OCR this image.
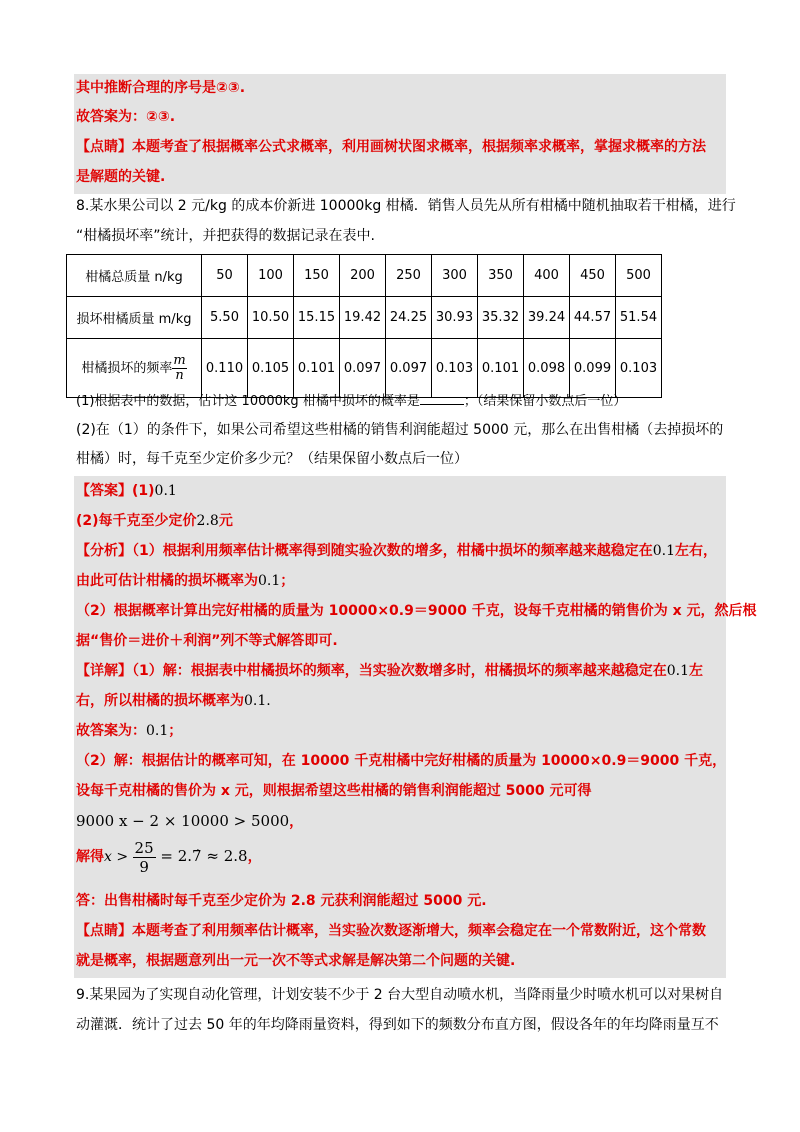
其中推断合理的序号是②③.
故答案为：②③.
【点睛】本题考查了根据概率公式求概率，利用画树状图求概率，根据频率求概率，掌握求概率的方法
是解题的关键.
8.某水果公司以 2 元/kg 的成本价新进 10000kg 柑橘．销售人员先从所有柑橘中随机抽取若干柑橘，进行
“柑橘损坏率”统计，并把获得的数据记录在表中.
柑橘总质量 n/kg	50	100	150	200	250	300	350	400	450	500
损坏柑橘质量 m/kg	5.50	10.50	15.15	19.42	24.25	30.93	35.32	39.24	44.57	51.54
柑橘损坏的频率 $\frac{m}{n}$	0.110	0.105	0.101	0.097	0.097	0.103	0.101	0.098	0.099	0.103
(1)根据表中的数据，估计这 10000kg 柑橘中损坏的概率是	；（结果保留小数点后一位）
(2)在（1）的条件下，如果公司希望这些柑橘的销售利润能超过 5000 元，那么在出售柑橘（去掉损坏的
柑橘）时，每千克至少定价多少元？（结果保留小数点后一位）
【答案】(1)0.1
(2)每千克至少定价2.8元
【分析】（1）根据利用频率估计概率得到随实验次数的增多，柑橘中损坏的频率越来越稳定在0.1左右，
由此可估计柑橘的损坏概率为0.1；
（2）根据概率计算出完好柑橘的质量为 10000×0.9＝9000 千克，设每千克柑橘的销售价为 x 元，然后根
据“售价＝进价＋利润”列不等式解答即可.
【详解】（1）解：根据表中柑橘损坏的频率，当实验次数增多时，柑橘损坏的频率越来越稳定在0.1左
右，所以柑橘的损坏概率为0.1.
故答案为：0.1；
（2）解：根据估计的概率可知，在 10000 千克柑橘中完好柑橘的质量为 10000×0.9＝9000 千克，
设每千克柑橘的售价为 x 元，则根据希望这些柑橘的销售利润能超过 5000 元可得
9000 x − 2 × 10000 > 5000，
解得$x > \frac{25}{9}$ = 2.7̇ ≈ 2.8，
答：出售柑橘时每千克至少定价为 2.8 元获利润能超过 5000 元.
【点睛】本题考查了利用频率估计概率，当实验次数逐渐增大，频率会稳定在一个常数附近，这个常数
就是概率，根据题意列出一元一次不等式求解是解决第二个问题的关键.
9.某果园为了实现自动化管理，计划安装不少于 2 台大型自动喷水机，当降雨量少时喷水机可以对果树自
动灌溉．统计了过去 50 年的年均降雨量资料，得到如下的频数分布直方图，假设各年的年均降雨量互不
